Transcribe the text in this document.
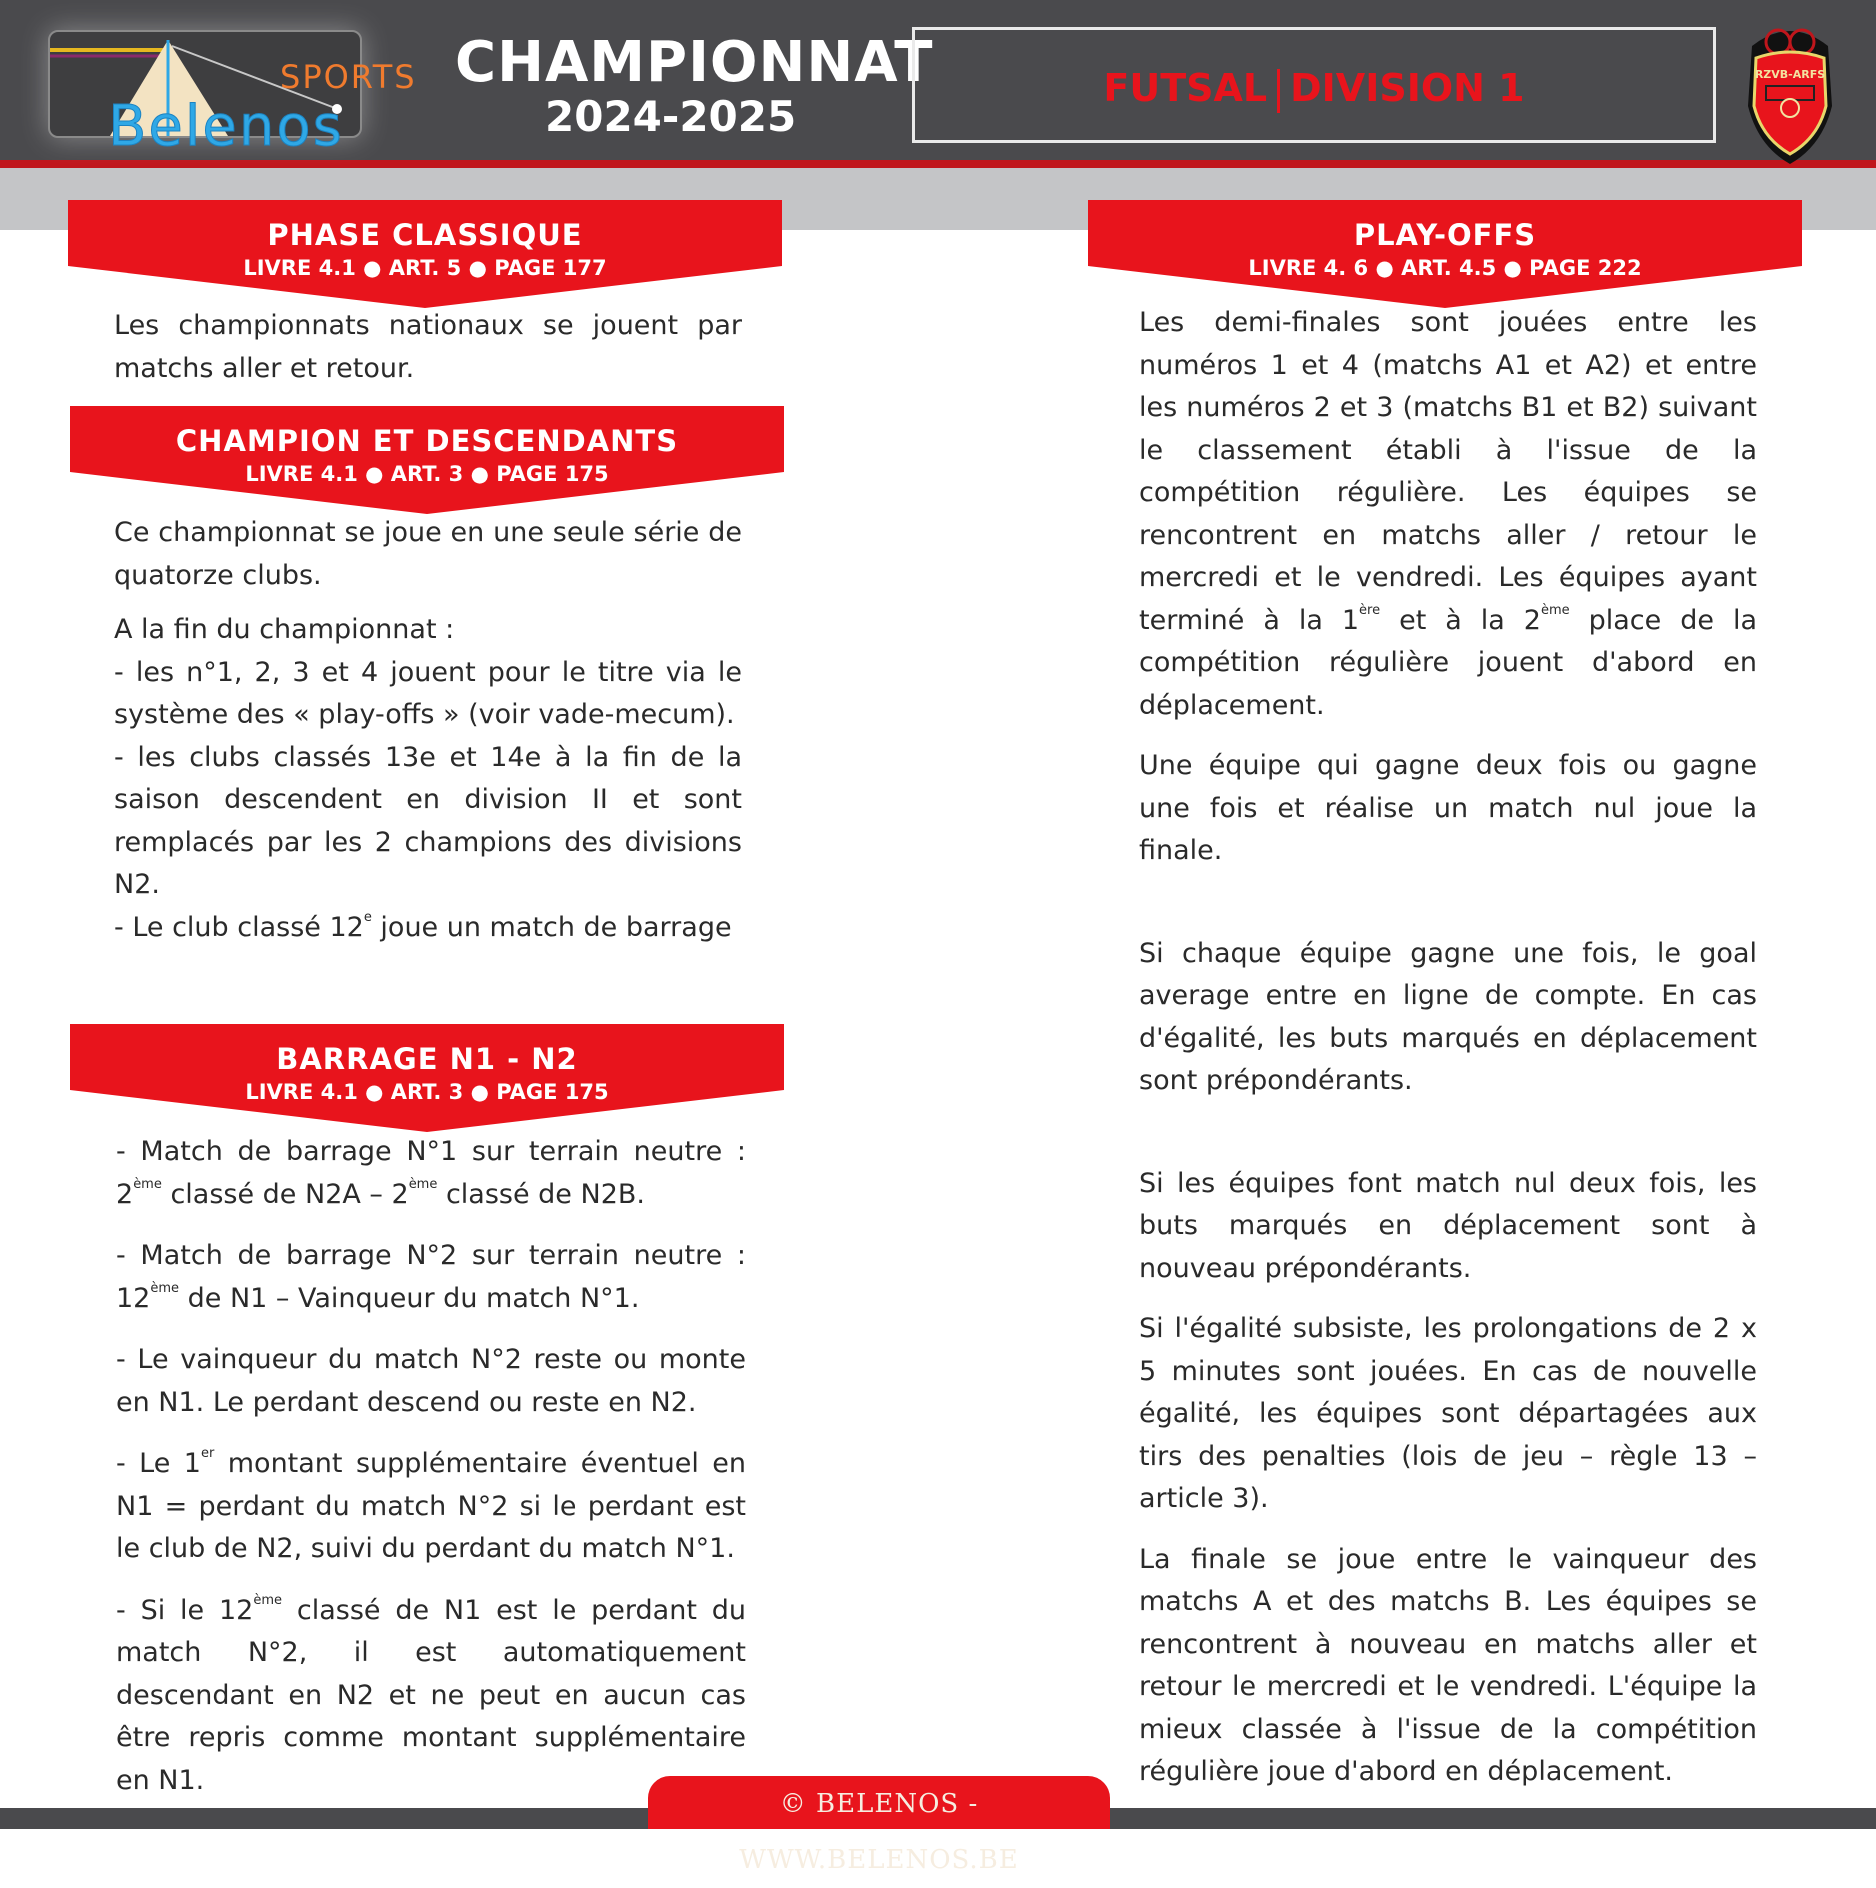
SPORTS
Belenos
CHAMPIONNAT
2024-2025
FUTSAL DIVISION 1	RZVB-ARFS
PHASE CLASSIQUE
LIVRE 4.1 ● ART. 5 ● PAGE 177

Les championnats nationaux se jouent par matchs aller et retour.

CHAMPION ET DESCENDANTS
LIVRE 4.1 ● ART. 3 ● PAGE 175

Ce championnat se joue en une seule série de quatorze clubs.

A la fin du championnat :

- les n°1, 2, 3 et 4 jouent pour le titre via le système des « play-offs » (voir vade-mecum).

- les clubs classés 13e et 14e à la fin de la saison descendent en division II et sont remplacés par les 2 champions des divisions N2.

- Le club classé 12e joue un match de barrage

BARRAGE N1 - N2
LIVRE 4.1 ● ART. 3 ● PAGE 175

- Match de barrage N°1 sur terrain neutre : 2ème classé de N2A – 2ème classé de N2B.

- Match de barrage N°2 sur terrain neutre : 12ème de N1 – Vainqueur du match N°1.

- Le vainqueur du match N°2 reste ou monte en N1. Le perdant descend ou reste en N2.

- Le 1er montant supplémentaire éventuel en N1 = perdant du match N°2 si le perdant est le club de N2, suivi du perdant du match N°1.

- Si le 12ème classé de N1 est le perdant du match N°2, il est automatiquement descendant en N2 et ne peut en aucun cas être repris comme montant supplémentaire en N1.

PLAY-OFFS
LIVRE 4. 6 ● ART. 4.5 ● PAGE 222

Les demi-finales sont jouées entre les numéros 1 et 4 (matchs A1 et A2) et entre les numéros 2 et 3 (matchs B1 et B2) suivant le classement établi à l'issue de la compétition régulière. Les équipes se rencontrent en matchs aller / retour le mercredi et le vendredi. Les équipes ayant terminé à la 1ère et à la 2ème place de la compétition régulière jouent d'abord en déplacement.

Une équipe qui gagne deux fois ou gagne une fois et réalise un match nul joue la finale.

Si chaque équipe gagne une fois, le goal average entre en ligne de compte. En cas d'égalité, les buts marqués en déplacement sont prépondérants.

Si les équipes font match nul deux fois, les buts marqués en déplacement sont à nouveau prépondérants.

Si l'égalité subsiste, les prolongations de 2 x 5 minutes sont jouées. En cas de nouvelle égalité, les équipes sont départagées aux tirs des penalties (lois de jeu – règle 13 – article 3).

La finale se joue entre le vainqueur des matchs A et des matchs B. Les équipes se rencontrent à nouveau en matchs aller et retour le mercredi et le vendredi. L'équipe la mieux classée à l'issue de la compétition régulière joue d'abord en déplacement.

© BELENOS - WWW.BELENOS.BE
